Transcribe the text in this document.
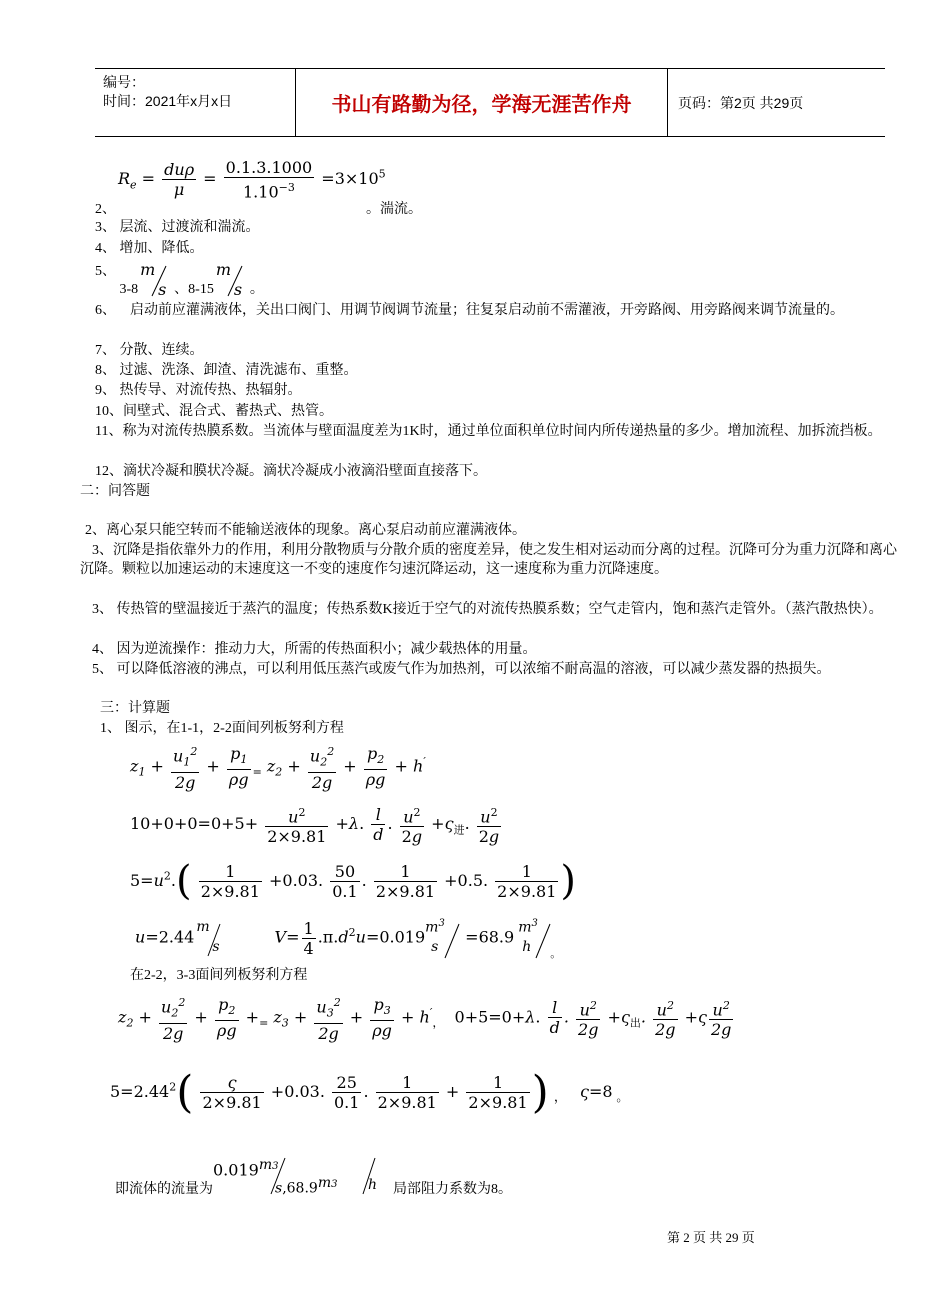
编号：
时间：2021年x月x日	书山有路勤为径，学海无涯苦作舟	页码：第2页 共29页
$R_e = \frac{\text{duρ}}{\mu} = \frac{0.1.3.1000}{1.10^{-3}} =3\times 10^5$
2、	。湍流。
3、 层流、过渡流和湍流。
4、 增加、降低。
5、 3-8
m
s 、8-15
m
s 。
6、 启动前应灌满液体，关出口阀门、用调节阀调节流量；往复泵启动前不需灌液，开旁路阀、用旁路阀来调节流量的。
7、 分散、连续。
8、 过滤、洗涤、卸渣、清洗滤布、重整。
9、 热传导、对流传热、热辐射。
10、间壁式、混合式、蓄热式、热管。
11、称为对流传热膜系数。当流体与壁面温度差为1K时，通过单位面积单位时间内所传递热量的多少。增加流程、加拆流挡板。
12、滴状冷凝和膜状冷凝。滴状冷凝成小液滴沿壁面直接落下。
二：问答题
2、离心泵只能空转而不能输送液体的现象。离心泵启动前应灌满液体。
3、沉降是指依靠外力的作用，利用分散物质与分散介质的密度差异，使之发生相对运动而分离的过程。沉降可分为重力沉降和离心沉降。颗粒以加速运动的末速度这一不变的速度作匀速沉降运动，这一速度称为重力沉降速度。
3、 传热管的壁温接近于蒸汽的温度；传热系数K接近于空气的对流传热膜系数；空气走管内，饱和蒸汽走管外。（蒸汽散热快）。
4、 因为逆流操作：推动力大，所需的传热面积小；减少载热体的用量。
5、 可以降低溶液的沸点，可以利用低压蒸汽或废气作为加热剂，可以浓缩不耐高温的溶液，可以减少蒸发器的热损失。
三：计算题
1、 图示，在1-1，2-2面间列板努利方程
$z_1 + \frac{u_1^2}{2g} + \frac{p_1}{\rho g} _=$ $z_2 + \frac{u_2^2}{2g} + \frac{p_2}{\rho g} + h'$
$10+0+0=0+5+ \frac{u^2}{2\times 9.81} +\lambda$. $\frac{l}{d}$ . $\frac{u^2}{2g} +\varsigma_进$. $\frac{u^2}{2g}$
$5=u^2.( \frac{1}{2\times 9.81} +0.03$. $\frac{50}{0.1}$ . $\frac{1}{2\times 9.81} +0.5$. $\frac{1}{2\times 9.81}$ )
u=2.44
m
s
$V= \frac{1}{4} .\pi.d^2u=0.019$ $m^3$
s
=68.9 $m^3$
h 。
在2-2，3-3面间列板努利方程
$z_2 + \frac{u_2^2}{2g} + \frac{p_2}{\rho g} +_=$ $z_3 + \frac{u_3^2}{2g} + \frac{p_3}{\rho g} + h'_,$  0+5=0+λ. $\frac{l}{d}$ . $\frac{u^2}{2g} +\varsigma_出$. $\frac{u^2}{2g} +\varsigma \frac{u^2}{2g}$
$5=2.44^2( \frac{\varsigma}{2\times 9.81} +0.03$. $\frac{25}{0.1}$ . $\frac{1}{2\times 9.81} + \frac{1}{2\times 9.81}$ ) $_,$ ς=8 $_。$
即流体的流量为
0.019m3
s,68.9m3 h 局部阻力系数为8。
第 2 页 共 29 页
